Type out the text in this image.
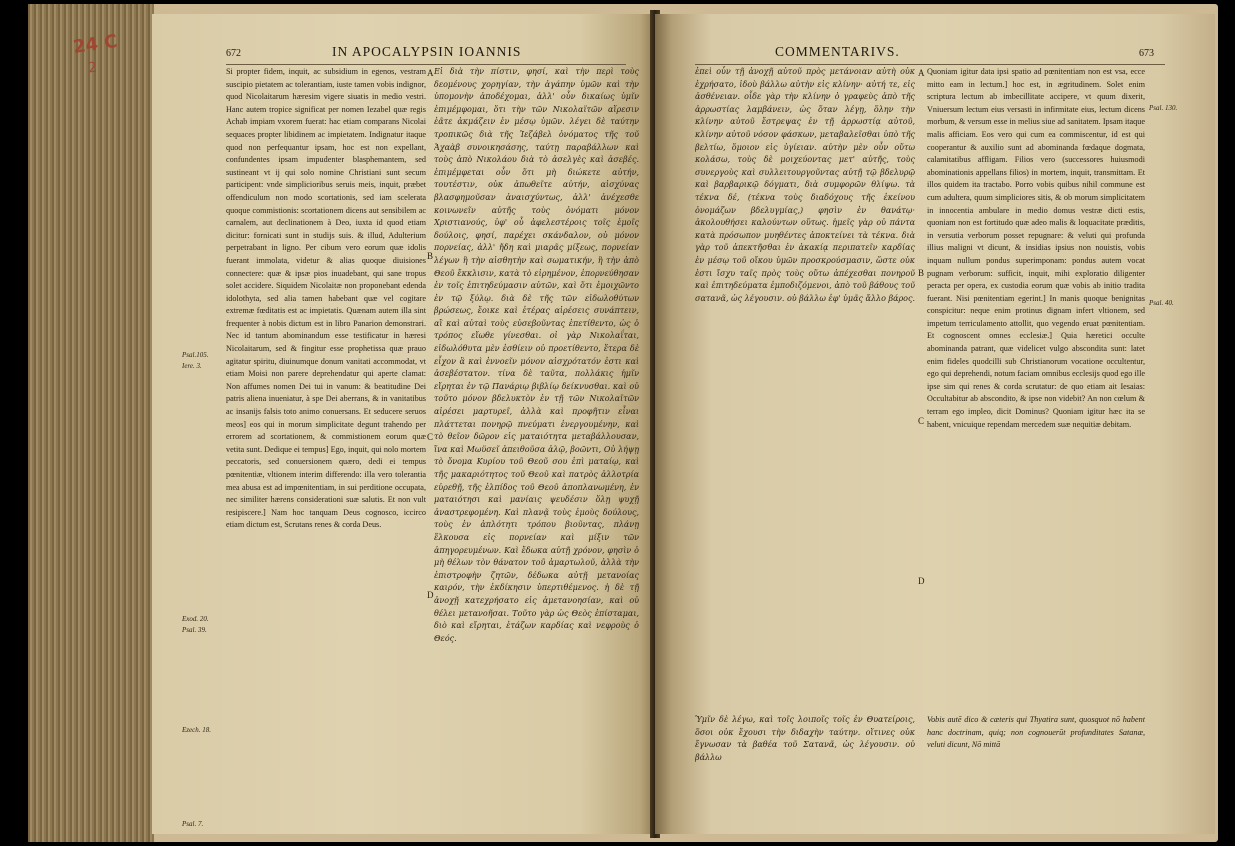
24 C
2
672	IN APOCALYPSIN IOANNIS

Si propter fidem, inquit, ac subsidium in egenos, vestram suscipio pietatem ac tolerantiam, iuste tamen vobis indignor, quod Nicolaitarum hæresim vigere siuatis in medio vestri. Hanc autem tropice significat per nomen Iezabel quæ regis Achab impiam vxorem fuerat: hac etiam comparans Nicolai sequaces propter libidinem ac impietatem. Indignatur itaque quod non perfequantur ipsam, hoc est non expellant, confundentes ipsam impudenter blasphemantem, sed sustineant vt ij qui solo nomine Christiani sunt secum participent: vnde simplicioribus seruis meis, inquit, præbet offendiculum non modo scortationis, sed iam scelerata quoque commistionis: scortationem dicens aut sensibilem ac carnalem, aut declinationem à Deo, iuxta id quod etiam dicitur: fornicati sunt in studijs suis. & illud, Adulterium perpetrabant in ligno. Per cibum vero eorum quæ idolis fuerant immolata, videtur & alias quoque diuisiones connectere: quæ & ipsæ pios inuadebant, qui sane tropus solet accidere. Siquidem Nicolaitæ non proponebant edenda idolothyta, sed alia tamen habebant quæ vel cogitare extremæ fœditatis est ac impietatis. Quænam autem illa sint frequenter à nobis dictum est in libro Panarion demonstrari. Nec id tantum abominandum esse testificatur in hæresi Nicolaitarum, sed & fingitur esse prophetissa quæ prauo agitatur spiritu, diuinumque donum vanitati accommodat, vt etiam Moisi non parere deprehendatur qui aperte clamat: Non affumes nomen Dei tui in vanum: & beatitudine Dei patris aliena inueniatur, à spe Dei aberrans, & in vanitatibus ac insanijs falsis toto animo conuersans. Et seducere seruos meos] eos qui in morum simplicitate degunt trahendo per errorem ad scortationem, & commistionem eorum quæ vetita sunt. Dedique ei tempus] Ego, inquit, qui nolo mortem peccatoris, sed conuersionem quæro, dedi ei tempus pœnitentiæ, vltionem interim differendo: illa vero tolerantia mea abusa est ad impœnitentiam, in sui perditione occupata, nec similiter hærens considerationi suæ salutis. Et non vult resipiscere.] Nam hoc tanquam Deus cognosco, iccirco etiam dictum est, Scrutans renes & corda Deus.

Εἰ διὰ τὴν πίστιν, φησί, καὶ τὴν περὶ τοὺς δεομένους χορηγίαν, τὴν ἀγάπην ὑμῶν καὶ τὴν ὑπομονὴν ἀποδέχομαι, ἀλλ' οὖν δικαίως ὑμῖν ἐπιμέμφομαι, ὅτι τὴν τῶν Νικολαϊτῶν αἵρεσιν ἐᾶτε ἀκμάζειν ἐν μέσῳ ὑμῶν. λέγει δὲ ταύτην τροπικῶς διὰ τῆς Ἰεζάβελ ὀνόματος τῆς τοῦ Ἀχαὰβ συνοικησάσης, ταύτῃ παραβάλλων καὶ τοὺς ἀπὸ Νικολάου διὰ τὸ ἀσελγὲς καὶ ἀσεβές. ἐπιμέμφεται οὖν ὅτι μὴ διώκετε αὐτήν, τουτέστιν, οὐκ ἀπωθεῖτε αὐτήν, αἰσχύνας βλασφημοῦσαν ἀναισχύντως, ἀλλ' ἀνέχεσθε κοινωνεῖν αὐτῆς τοὺς ὀνόματι μόνον Χριστιανούς, ὑφ' οὗ ἀφελεστέροις τοῖς ἐμοῖς δούλοις, φησί, παρέχει σκάνδαλον, οὐ μόνον πορνείας, ἀλλ' ἤδη καὶ μιαρᾶς μίξεως, πορνείαν λέγων ἢ τὴν αἰσθητὴν καὶ σωματικήν, ἢ τὴν ἀπὸ Θεοῦ ἔκκλισιν, κατὰ τὸ εἰρημένον, ἐπορνεύθησαν ἐν τοῖς ἐπιτηδεύμασιν αὐτῶν, καὶ ὅτι ἐμοιχῶντο ἐν τῷ ξύλῳ. διὰ δὲ τῆς τῶν εἰδωλοθύτων βρώσεως, ἔοικε καὶ ἑτέρας αἱρέσεις συνάπτειν, αἳ καὶ αὐταὶ τοὺς εὐσεβοῦντας ἐπετίθεντο, ὡς ὁ τρόπος εἴωθε γίνεσθαι. οἱ γὰρ Νικολαΐται, εἰδωλόθυτα μὲν ἐσθίειν οὐ προετίθεντο, ἕτερα δὲ εἶχον ἃ καὶ ἐννοεῖν μόνον αἰσχρότατόν ἐστι καὶ ἀσεβέστατον. τίνα δὲ ταῦτα, πολλάκις ἡμῖν εἴρηται ἐν τῷ Πανάριῳ βιβλίῳ δείκνυσθαι. καὶ οὐ τοῦτο μόνον βδελυκτὸν ἐν τῇ τῶν Νικολαϊτῶν αἱρέσει μαρτυρεῖ, ἀλλὰ καὶ προφῆτιν εἶναι πλάττεται πονηρῷ πνεύματι ἐνεργουμένην, καὶ τὸ θεῖον δῶρον εἰς ματαιότητα μεταβάλλουσαν, ἵνα καὶ Μωϋσεῖ ἀπειθοῦσα ἁλῷ, βοῶντι, Οὐ λήψῃ τὸ ὄνομα Κυρίου τοῦ Θεοῦ σου ἐπὶ ματαίῳ, καὶ τῆς μακαριότητος τοῦ Θεοῦ καὶ πατρὸς ἀλλοτρία εὑρεθῇ, τῆς ἐλπίδος τοῦ Θεοῦ ἀποπλανωμένη, ἐν ματαιότησι καὶ μανίαις ψευδέσιν ὅλῃ ψυχῇ ἀναστρεφομένη. Καὶ πλανᾷ τοὺς ἐμοὺς δούλους, τοὺς ἐν ἁπλότητι τρόπου βιοῦντας, πλάνῃ ἕλκουσα εἰς πορνείαν καὶ μίξιν τῶν ἀπηγορευμένων. Καὶ ἔδωκα αὐτῇ χρόνον, φησὶν ὁ μὴ θέλων τὸν θάνατον τοῦ ἁμαρτωλοῦ, ἀλλὰ τὴν ἐπιστροφὴν ζητῶν, δέδωκα αὐτῇ μετανοίας καιρόν, τὴν ἐκδίκησιν ὑπερτιθέμενος. ἡ δὲ τῇ ἀνοχῇ κατεχρήσατο εἰς ἀμετανοησίαν, καὶ οὐ θέλει μετανοῆσαι. Τοῦτο γὰρ ὡς Θεὸς ἐπίσταμαι, διὸ καὶ εἴρηται, ἐτάζων καρδίας καὶ νεφροὺς ὁ Θεός.

Psal.105.
Iere. 3.
Exod. 20.
Psal. 39.
Ezech. 18.
Psal. 7.
A
B
C
D
COMMENTARIVS.	673

ἐπεὶ οὖν τῇ ἀνοχῇ αὐτοῦ πρὸς μετάνοιαν αὐτὴ οὐκ ἐχρήσατο, ἰδοὺ βάλλω αὐτὴν εἰς κλίνην· αὐτή τε, εἰς ἀσθένειαν. οἶδε γὰρ τὴν κλίνην ὁ γραφεὺς ἀπὸ τῆς ἀρρωστίας λαμβάνειν, ὡς ὅταν λέγῃ, ὅλην τὴν κλίνην αὐτοῦ ἔστρεψας ἐν τῇ ἀρρωστίᾳ αὐτοῦ, κλίνην αὐτοῦ νόσον φάσκων, μεταβαλεῖσθαι ὑπὸ τῆς βελτίω, ὅμοιον εἰς ὑγίειαν. αὐτὴν μὲν οὖν οὕτω κολάσω, τοὺς δὲ μοιχεύοντας μετ' αὐτῆς, τοὺς συνεργοὺς καὶ συλλειτουργοῦντας αὐτῇ τῷ βδελυρῷ καὶ βαρβαρικῷ δόγματι, διὰ συμφορῶν θλίψω. τὰ τέκνα δέ, (τέκνα τοὺς διαδόχους τῆς ἐκείνου ὀνομάζων βδελυγμίας,) φησὶν ἐν θανάτῳ· ἀκολουθήσει καλούντων οὕτως. ἡμεῖς γὰρ οὐ πάντα κατὰ πρόσωπον μυηθέντες ἀποκτείνει τὰ τέκνα. διὰ γὰρ τοῦ ἀπεκτῆσθαι ἐν ἀκακίᾳ περιπατεῖν καρδίας ἐν μέσῳ τοῦ οἴκου ὑμῶν προσκρούσμασιν, ὥστε οὐκ ἐστι ἴσχυ ταῖς πρὸς τοὺς οὕτω ἀπέχεσθαι πονηροῦ καὶ ἐπιτηδεύματα ἐμποδιζόμενοι, ἀπὸ τοῦ βάθους τοῦ σατανᾶ, ὡς λέγουσιν. οὐ βάλλω ἐφ' ὑμᾶς ἄλλο βάρος.

Quoniam igitur data ipsi spatio ad pœnitentiam non est vsa, ecce mitto eam in lectum.] hoc est, in ægritudinem. Solet enim scriptura lectum ab imbecillitate accipere, vt quum dixerit, Vniuersum lectum eius versasti in infirmitate eius, lectum dicens morbum, & versum esse in melius siue ad sanitatem. Ipsam itaque malis afficiam. Eos vero qui cum ea commiscentur, id est qui cooperantur & auxilio sunt ad abominanda fœdaque dogmata, calamitatibus affligam. Filios vero (successores huiusmodi abominationis appellans filios) in mortem, inquit, transmittam. Et illos quidem ita tractabo. Porro vobis quibus nihil commune est cum adultera, quum simpliciores sitis, & ob morum simplicitatem in innocentia ambulare in medio domus vestræ dicti estis, quoniam non est fortitudo quæ adeo malis & loquacitate præditis, in versutia verborum posset repugnare: & veluti qui profunda illius maligni vt dicunt, & insidias ipsius non nouistis, vobis inquam nullum pondus superimponam: pondus autem vocat pugnam verborum: sufficit, inquit, mihi exploratio diligenter peracta per opera, ex custodia eorum quæ vobis ab initio tradita fuerant. Nisi pœnitentiam egerint.] In manis quoque benignitas conspicitur: neque enim protinus dignam infert vltionem, sed impetum terriculamento attollit, quo vegendo eruat pœnitentiam. Et cognoscent omnes ecclesiæ.] Quia hæretici occulte abominanda patrant, quæ videlicet vulgo abscondita sunt: latet enim fideles quodcilli sub Christianorum vocatione occultentur, ego qui deprehendi, notum faciam omnibus ecclesijs quod ego ille ipse sim qui renes & corda scrutatur: de quo etiam ait Iesaias: Occultabitur ab abscondito, & ipse non videbit? An non cœlum & terram ego impleo, dicit Dominus? Quoniam igitur hæc ita se habent, vnicuique rependam mercedem suæ nequitiæ debitam.

Ὑμῖν δὲ λέγω, καὶ τοῖς λοιποῖς τοῖς ἐν Θυατείροις, ὅσοι οὐκ ἔχουσι τὴν διδαχὴν ταύτην. οἵτινες οὐκ ἔγνωσαν τὰ βαθέα τοῦ Σατανᾶ, ὡς λέγουσιν. οὐ βάλλω

Vobis autē dico & cæteris qui Thyatira sunt, quosquot nō habent hanc doctrinam, quiq; non cognouerūt profunditates Satanæ, veluti dicunt, Nō mittā

Psal. 130.
Psal. 40.
A
B
C
D
